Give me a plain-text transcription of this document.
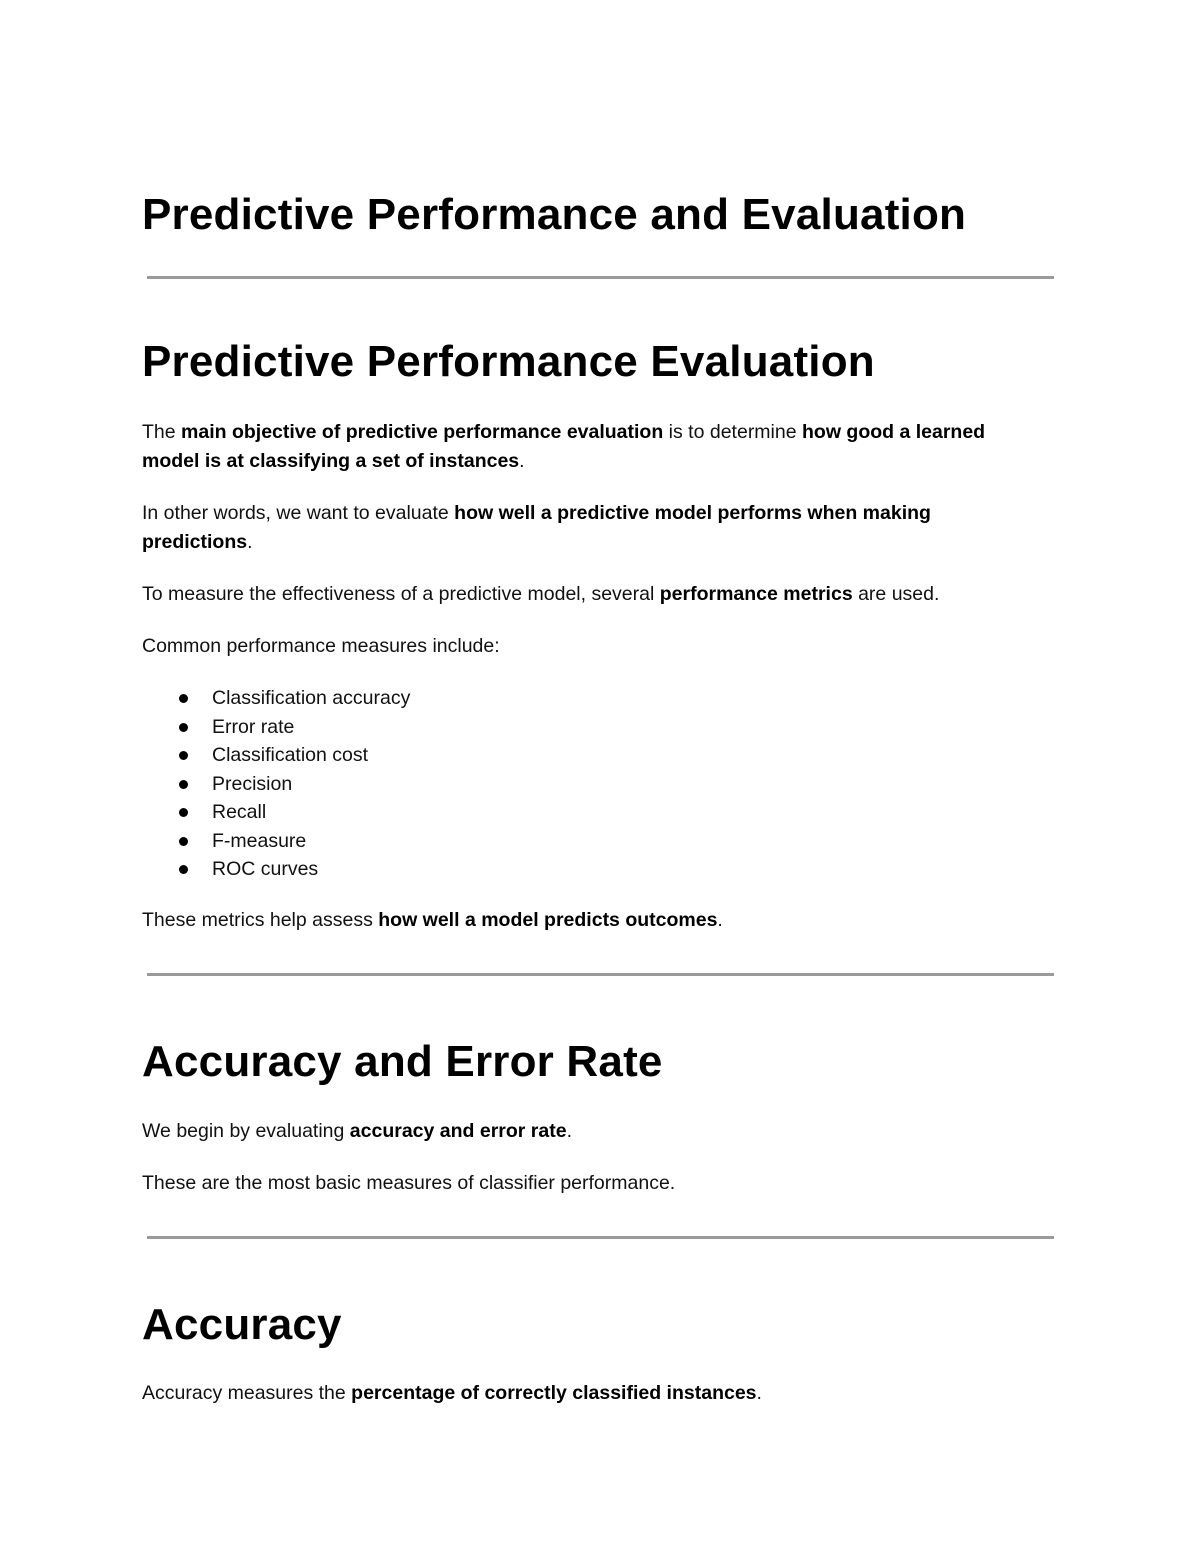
Predictive Performance and Evaluation
Predictive Performance Evaluation

The main objective of predictive performance evaluation is to determine how good a learned model is at classifying a set of instances.

In other words, we want to evaluate how well a predictive model performs when making predictions.

To measure the effectiveness of a predictive model, several performance metrics are used.

Common performance measures include:

Classification accuracy
Error rate
Classification cost
Precision
Recall
F-measure
ROC curves

These metrics help assess how well a model predicts outcomes.

Accuracy and Error Rate

We begin by evaluating accuracy and error rate.

These are the most basic measures of classifier performance.

Accuracy

Accuracy measures the percentage of correctly classified instances.
